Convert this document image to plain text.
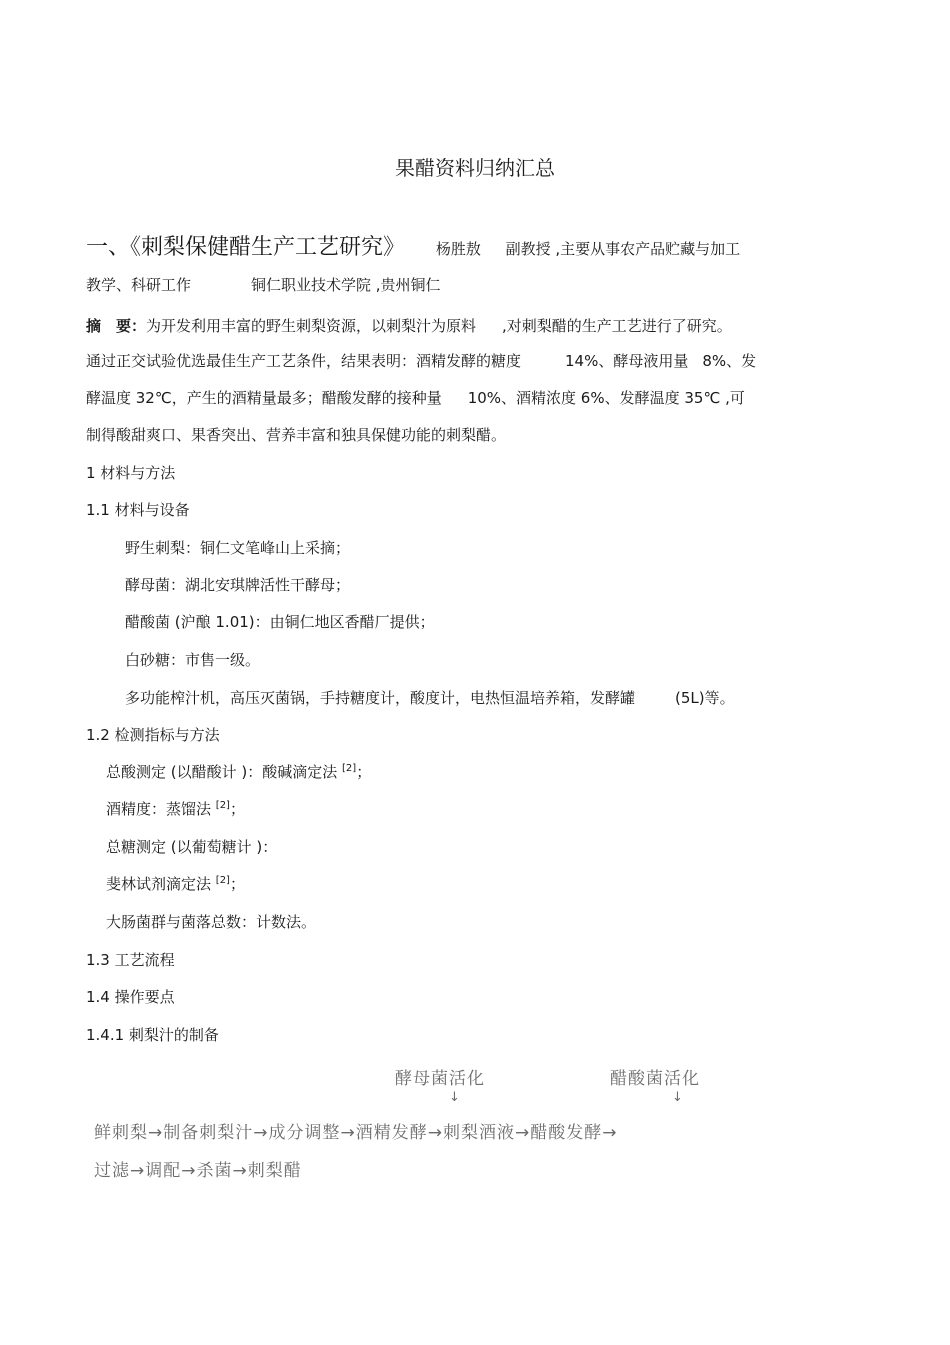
果醋资料归纳汇总
一、《刺梨保健醋生产工艺研究》 杨胜敖 副教授 ,主要从事农产品贮藏与加工
教学、科研工作	铜仁职业技术学院 ,贵州铜仁
摘　要：为开发利用丰富的野生刺梨资源，以刺梨汁为原料 ,对刺梨醋的生产工艺进行了研究。
通过正交试验优选最佳生产工艺条件，结果表明：酒精发酵的糖度	14%、酵母液用量 8%、发
酵温度 32℃，产生的酒精量最多；醋酸发酵的接种量 10%、酒精浓度 6%、发酵温度 35℃ ,可
制得酸甜爽口、果香突出、营养丰富和独具保健功能的刺梨醋。
1 材料与方法
1.1 材料与设备
野生刺梨：铜仁文笔峰山上采摘；
酵母菌：湖北安琪牌活性干酵母；
醋酸菌 (沪酿 1.01)：由铜仁地区香醋厂提供；
白砂糖：市售一级。
多功能榨汁机，高压灭菌锅，手持糖度计，酸度计，电热恒温培养箱，发酵罐	(5L)等。
1.2 检测指标与方法
总酸测定 (以醋酸计 )：酸碱滴定法 [2]；
酒精度：蒸馏法 [2]；
总糖测定 (以葡萄糖计 )：
斐林试剂滴定法 [2]；
大肠菌群与菌落总数：计数法。
1.3 工艺流程
1.4 操作要点
1.4.1 刺梨汁的制备
酵母菌活化	醋酸菌活化
↓	↓
鲜刺梨→制备刺梨汁→成分调整→酒精发酵→刺梨酒液→醋酸发酵→
过滤→调配→杀菌→刺梨醋
